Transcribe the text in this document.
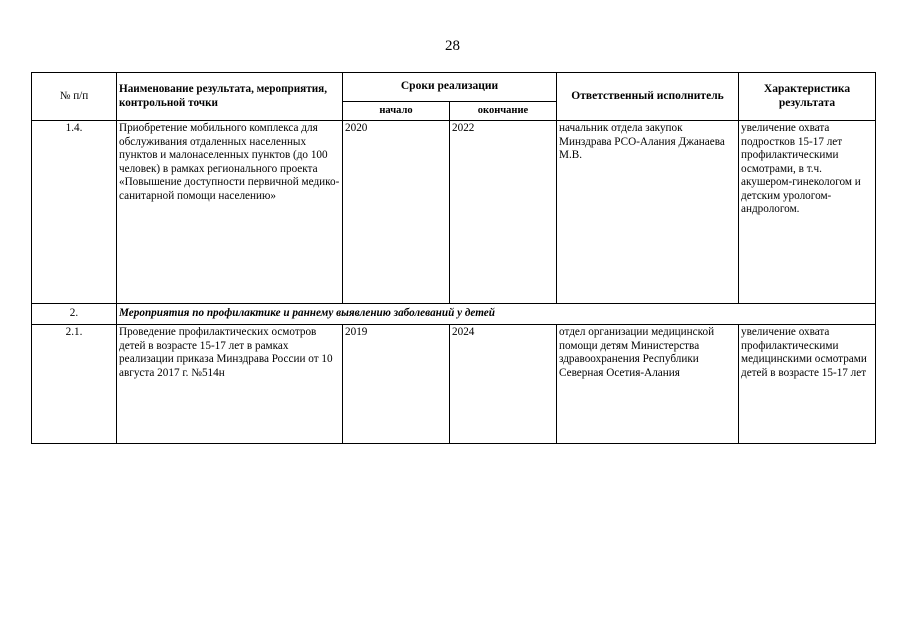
28
№ п/п	Наименование результата, мероприятия, контрольной точки	Сроки реализации		Ответственный исполнитель	Характеристика результата
		начало	окончание		
1.4.	Приобретение мобильного комплекса для обслуживания отдаленных населенных пунктов и малонаселенных пунктов (до 100 человек) в рамках регионального проекта «Повышение доступности первичной медико-санитарной помощи населению»	2020	2022	начальник отдела закупок Минздрава РСО-Алания Джанаева М.В.	увеличение охвата подростков 15-17 лет профилактическими осмотрами, в т.ч. акушером-гинекологом и детским урологом-андрологом.
2.	Мероприятия по профилактике и раннему выявлению заболеваний у детей				
2.1.	Проведение профилактических осмотров детей в возрасте 15-17 лет в рамках реализации приказа Минздрава России от 10 августа 2017 г. №514н	2019	2024	отдел организации медицинской помощи детям Министерства здравоохранения Республики Северная Осетия-Алания	увеличение охвата профилактическими медицинскими осмотрами детей в возрасте 15-17 лет
